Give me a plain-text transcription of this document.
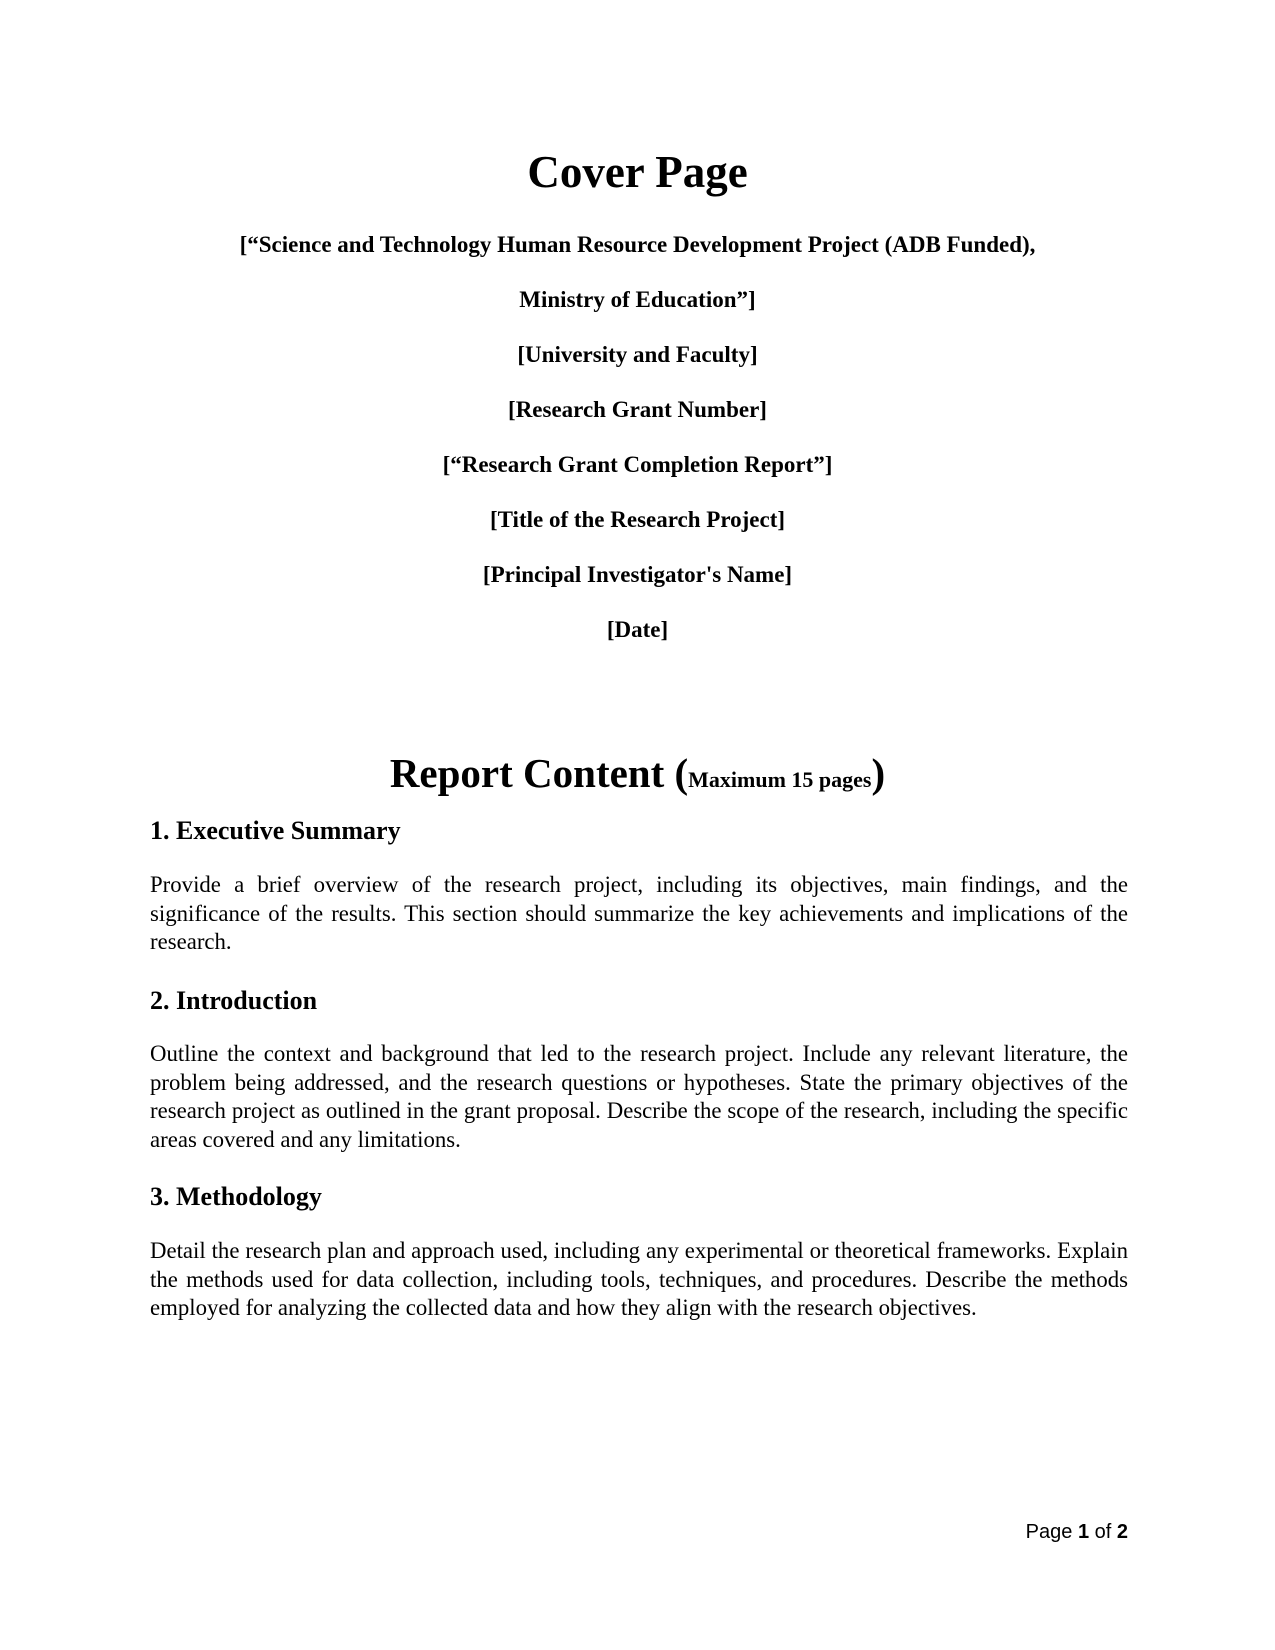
Cover Page
[“Science and Technology Human Resource Development Project (ADB Funded),
Ministry of Education”]
[University and Faculty]
[Research Grant Number]
[“Research Grant Completion Report”]
[Title of the Research Project]
[Principal Investigator's Name]
[Date]
Report Content (Maximum 15 pages)
1. Executive Summary

Provide a brief overview of the research project, including its objectives, main findings, and the significance of the results. This section should summarize the key achievements and implications of the research.

2. Introduction

Outline the context and background that led to the research project. Include any relevant literature, the problem being addressed, and the research questions or hypotheses. State the primary objectives of the research project as outlined in the grant proposal. Describe the scope of the research, including the specific areas covered and any limitations.

3. Methodology

Detail the research plan and approach used, including any experimental or theoretical frameworks. Explain the methods used for data collection, including tools, techniques, and procedures. Describe the methods employed for analyzing the collected data and how they align with the research objectives.

Page 1 of 2
